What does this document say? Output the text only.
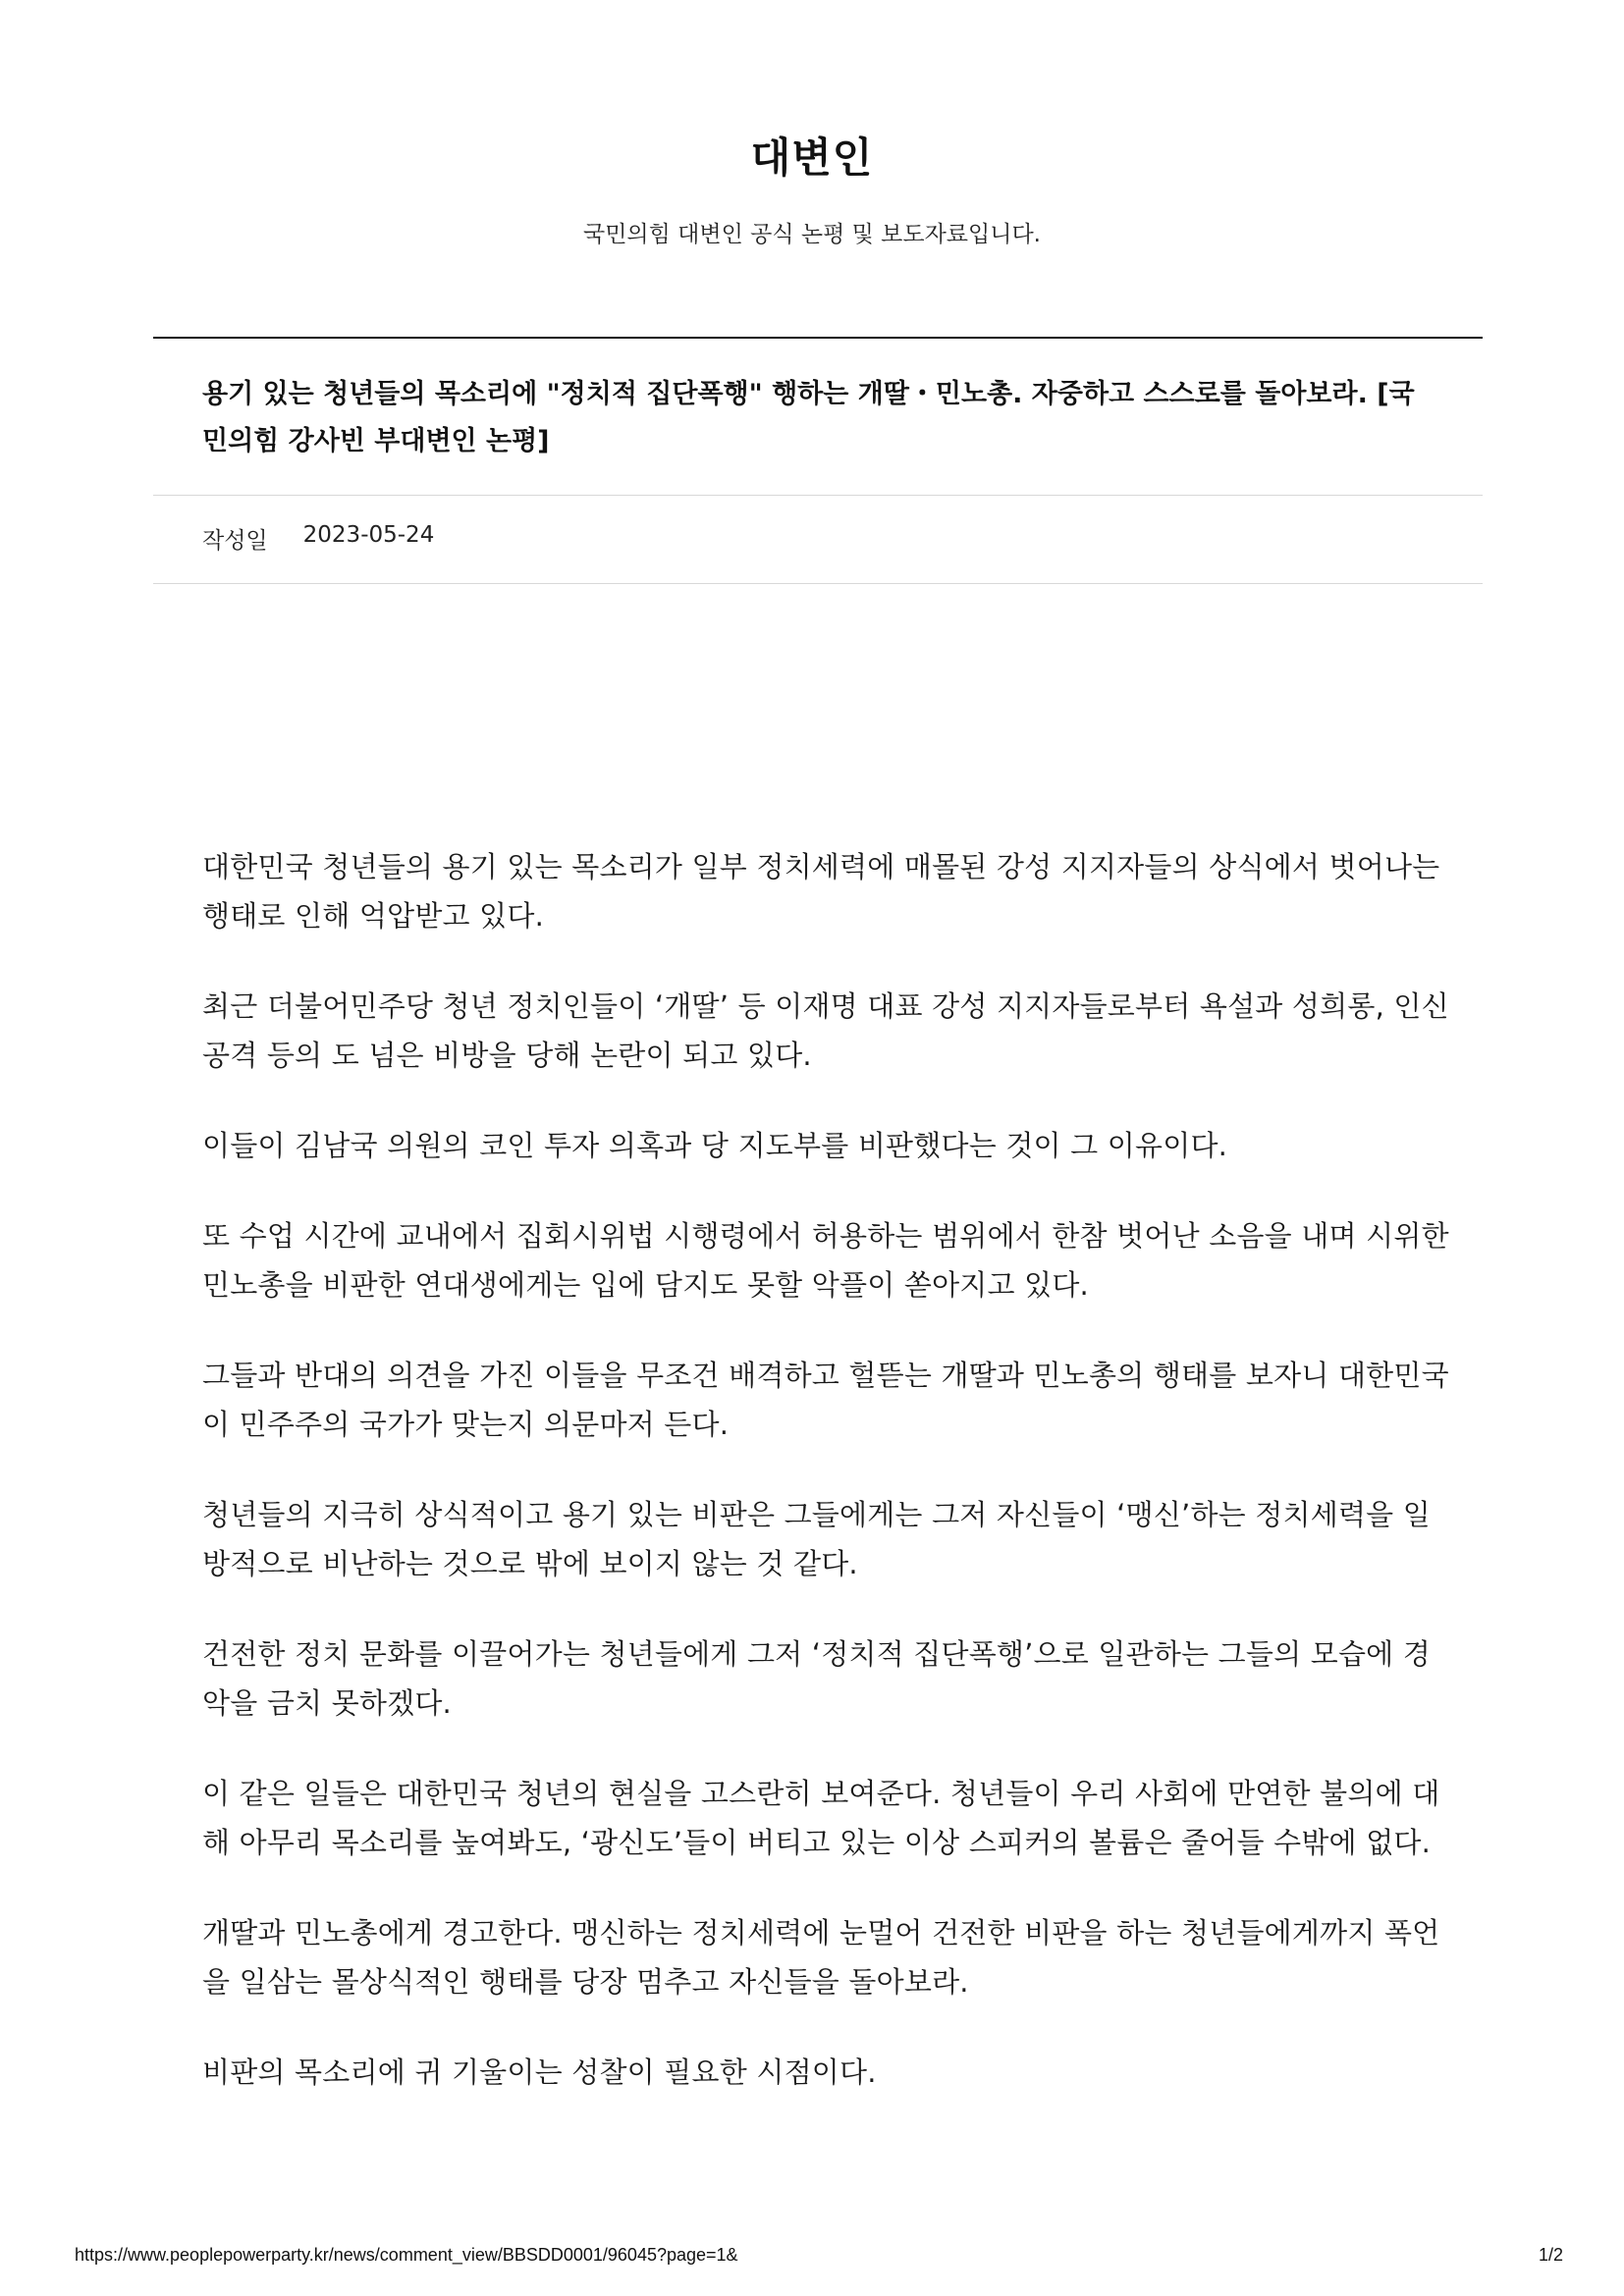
대변인
국민의힘 대변인 공식 논평 및 보도자료입니다.
용기 있는 청년들의 목소리에 "정치적 집단폭행" 행하는 개딸・민노총. 자중하고 스스로를 돌아보라. [국민의힘 강사빈 부대변인 논평]
작성일 2023-05-24

대한민국 청년들의 용기 있는 목소리가 일부 정치세력에 매몰된 강성 지지자들의 상식에서 벗어나는 행태로 인해 억압받고 있다.

최근 더불어민주당 청년 정치인들이 ‘개딸’ 등 이재명 대표 강성 지지자들로부터 욕설과 성희롱, 인신공격 등의 도 넘은 비방을 당해 논란이 되고 있다.

이들이 김남국 의원의 코인 투자 의혹과 당 지도부를 비판했다는 것이 그 이유이다.

또 수업 시간에 교내에서 집회시위법 시행령에서 허용하는 범위에서 한참 벗어난 소음을 내며 시위한 민노총을 비판한 연대생에게는 입에 담지도 못할 악플이 쏟아지고 있다.

그들과 반대의 의견을 가진 이들을 무조건 배격하고 헐뜯는 개딸과 민노총의 행태를 보자니 대한민국이 민주주의 국가가 맞는지 의문마저 든다.

청년들의 지극히 상식적이고 용기 있는 비판은 그들에게는 그저 자신들이 ‘맹신’하는 정치세력을 일방적으로 비난하는 것으로 밖에 보이지 않는 것 같다.

건전한 정치 문화를 이끌어가는 청년들에게 그저 ‘정치적 집단폭행’으로 일관하는 그들의 모습에 경악을 금치 못하겠다.

이 같은 일들은 대한민국 청년의 현실을 고스란히 보여준다. 청년들이 우리 사회에 만연한 불의에 대해 아무리 목소리를 높여봐도, ‘광신도’들이 버티고 있는 이상 스피커의 볼륨은 줄어들 수밖에 없다.

개딸과 민노총에게 경고한다. 맹신하는 정치세력에 눈멀어 건전한 비판을 하는 청년들에게까지 폭언을 일삼는 몰상식적인 행태를 당장 멈추고 자신들을 돌아보라.

비판의 목소리에 귀 기울이는 성찰이 필요한 시점이다.

https://www.peoplepowerparty.kr/news/comment_view/BBSDD0001/96045?page=1&	1/2
